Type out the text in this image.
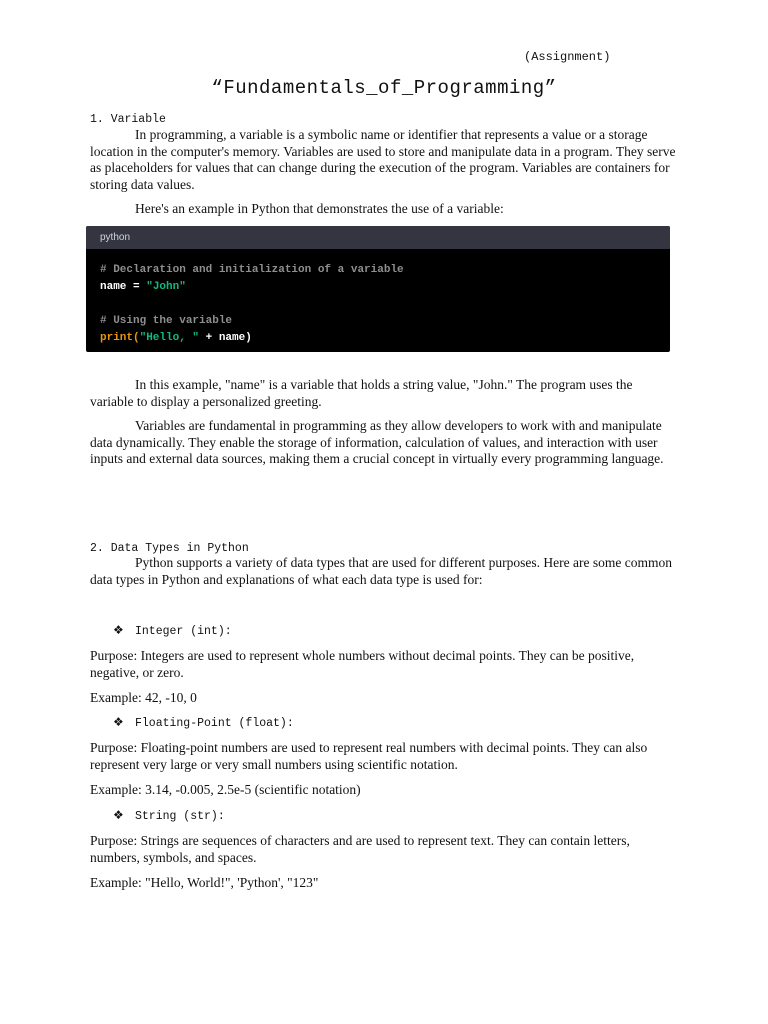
(Assignment)
“Fundamentals_of_Programming”
1. Variable

In programming, a variable is a symbolic name or identifier that represents a value or a storage location in the computer's memory. Variables are used to store and manipulate data in a program. They serve as placeholders for values that can change during the execution of the program. Variables are containers for storing data values.

Here's an example in Python that demonstrates the use of a variable:

python
# Declaration and initialization of a variable
name = "John"
# Using the variable
print("Hello, " + name)

In this example, "name" is a variable that holds a string value, "John." The program uses the variable to display a personalized greeting.

Variables are fundamental in programming as they allow developers to work with and manipulate data dynamically. They enable the storage of information, calculation of values, and interaction with user inputs and external data sources, making them a crucial concept in virtually every programming language.

2. Data Types in Python

Python supports a variety of data types that are used for different purposes. Here are some common data types in Python and explanations of what each data type is used for:

❖ Integer (int):

Purpose: Integers are used to represent whole numbers without decimal points. They can be positive, negative, or zero.

Example: 42, -10, 0

❖ Floating-Point (float):

Purpose: Floating-point numbers are used to represent real numbers with decimal points. They can also represent very large or very small numbers using scientific notation.

Example: 3.14, -0.005, 2.5e-5 (scientific notation)

❖ String (str):

Purpose: Strings are sequences of characters and are used to represent text. They can contain letters, numbers, symbols, and spaces.

Example: "Hello, World!", 'Python', "123"
